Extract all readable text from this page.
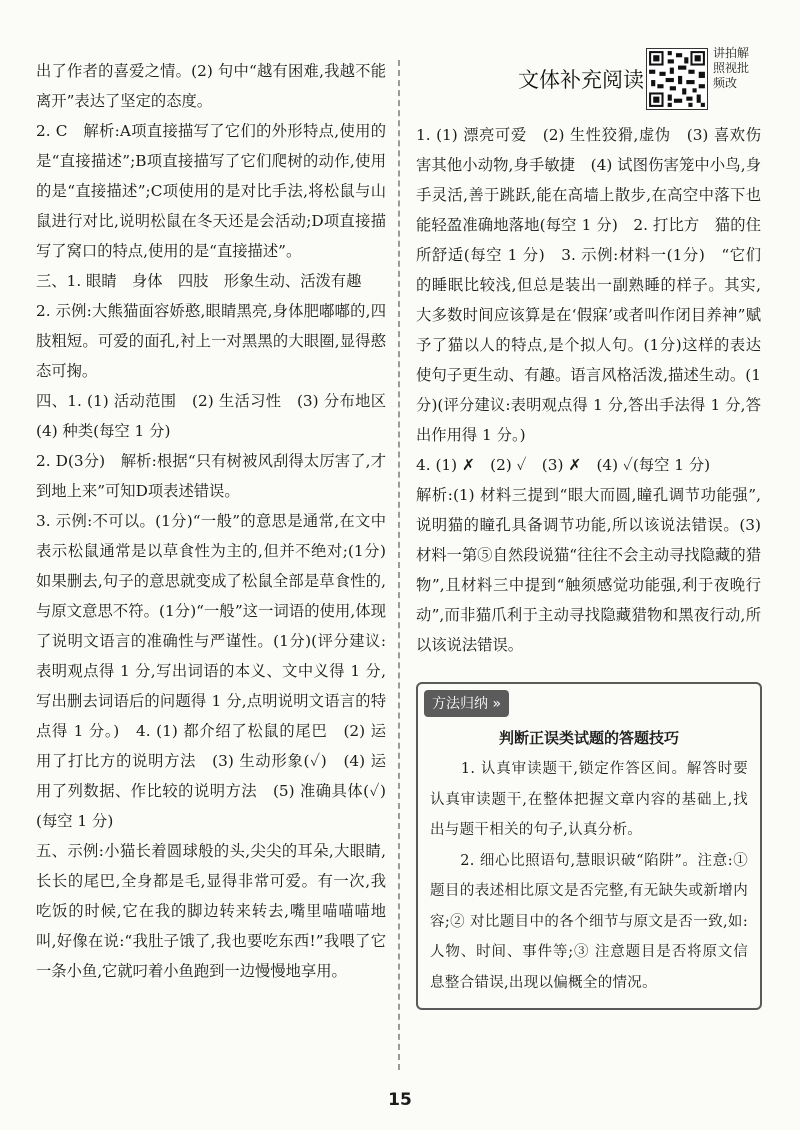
出了作者的喜爱之情。(2) 句中“越有困难,我越不能离开”表达了坚定的态度。

2. C　解析:A项直接描写了它们的外形特点,使用的是“直接描述”;B项直接描写了它们爬树的动作,使用的是“直接描述”;C项使用的是对比手法,将松鼠与山鼠进行对比,说明松鼠在冬天还是会活动;D项直接描写了窝口的特点,使用的是“直接描述”。

三、1. 眼睛　身体　四肢　形象生动、活泼有趣

2. 示例:大熊猫面容娇憨,眼睛黑亮,身体肥嘟嘟的,四肢粗短。可爱的面孔,衬上一对黑黑的大眼圈,显得憨态可掬。

四、1. (1) 活动范围　(2) 生活习性　(3) 分布地区　(4) 种类(每空 1 分)

2. D(3分)　解析:根据“只有树被风刮得太厉害了,才到地上来”可知D项表述错误。

3. 示例:不可以。(1分)“一般”的意思是通常,在文中表示松鼠通常是以草食性为主的,但并不绝对;(1分)如果删去,句子的意思就变成了松鼠全部是草食性的,与原文意思不符。(1分)“一般”这一词语的使用,体现了说明文语言的准确性与严谨性。(1分)(评分建议:表明观点得 1 分,写出词语的本义、文中义得 1 分,写出删去词语后的问题得 1 分,点明说明文语言的特点得 1 分。)　4. (1) 都介绍了松鼠的尾巴　(2) 运用了打比方的说明方法　(3) 生动形象(✓)　(4) 运用了列数据、作比较的说明方法　(5) 准确具体(✓)(每空 1 分)

五、示例:小猫长着圆球般的头,尖尖的耳朵,大眼睛,长长的尾巴,全身都是毛,显得非常可爱。有一次,我吃饭的时候,它在我的脚边转来转去,嘴里喵喵喵地叫,好像在说:“我肚子饿了,我也要吃东西!”我喂了它一条小鱼,它就叼着小鱼跑到一边慢慢地享用。

文体补充阅读
讲拍解照视批频改

1. (1) 漂亮可爱　(2) 生性狡猾,虚伪　(3) 喜欢伤害其他小动物,身手敏捷　(4) 试图伤害笼中小鸟,身手灵活,善于跳跃,能在高墙上散步,在高空中落下也能轻盈准确地落地(每空 1 分)　2. 打比方　猫的住所舒适(每空 1 分)　3. 示例:材料一(1分)　“它们的睡眠比较浅,但总是装出一副熟睡的样子。其实,大多数时间应该算是在‘假寐’或者叫作闭目养神”赋予了猫以人的特点,是个拟人句。(1分)这样的表达使句子更生动、有趣。语言风格活泼,描述生动。(1分)(评分建议:表明观点得 1 分,答出手法得 1 分,答出作用得 1 分。)

4. (1) ✗　(2) ✓　(3) ✗　(4) ✓(每空 1 分)

解析:(1) 材料三提到“眼大而圆,瞳孔调节功能强”,说明猫的瞳孔具备调节功能,所以该说法错误。(3) 材料一第⑤自然段说猫“往往不会主动寻找隐藏的猎物”,且材料三中提到“触须感觉功能强,利于夜晚行动”,而非猫爪利于主动寻找隐藏猎物和黑夜行动,所以该说法错误。

方法归纳 »
判断正误类试题的答题技巧

　　1. 认真审读题干,锁定作答区间。解答时要认真审读题干,在整体把握文章内容的基础上,找出与题干相关的句子,认真分析。

　　2. 细心比照语句,慧眼识破“陷阱”。注意:① 题目的表述相比原文是否完整,有无缺失或新增内容;② 对比题目中的各个细节与原文是否一致,如:人物、时间、事件等;③ 注意题目是否将原文信息整合错误,出现以偏概全的情况。

15
